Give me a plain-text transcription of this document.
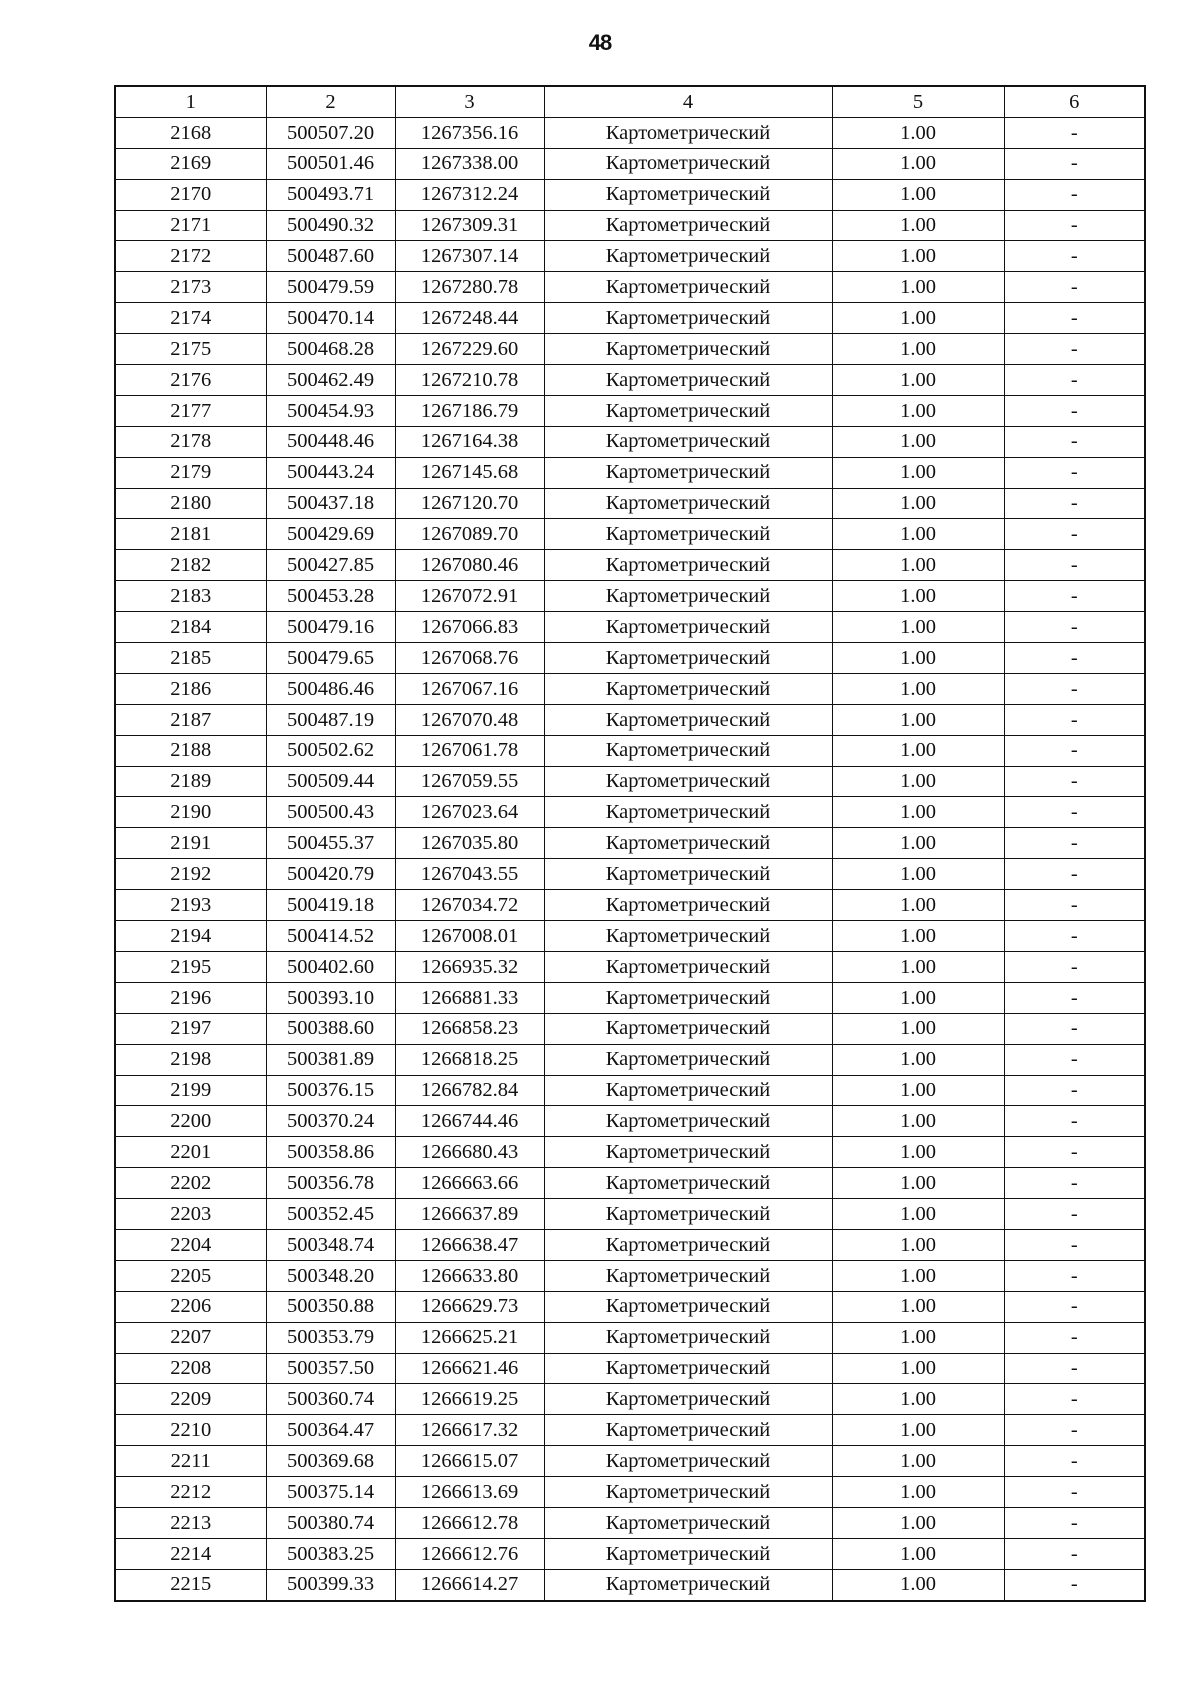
48
1	2	3	4	5	6
2168	500507.20	1267356.16	Картометрический	1.00	-
2169	500501.46	1267338.00	Картометрический	1.00	-
2170	500493.71	1267312.24	Картометрический	1.00	-
2171	500490.32	1267309.31	Картометрический	1.00	-
2172	500487.60	1267307.14	Картометрический	1.00	-
2173	500479.59	1267280.78	Картометрический	1.00	-
2174	500470.14	1267248.44	Картометрический	1.00	-
2175	500468.28	1267229.60	Картометрический	1.00	-
2176	500462.49	1267210.78	Картометрический	1.00	-
2177	500454.93	1267186.79	Картометрический	1.00	-
2178	500448.46	1267164.38	Картометрический	1.00	-
2179	500443.24	1267145.68	Картометрический	1.00	-
2180	500437.18	1267120.70	Картометрический	1.00	-
2181	500429.69	1267089.70	Картометрический	1.00	-
2182	500427.85	1267080.46	Картометрический	1.00	-
2183	500453.28	1267072.91	Картометрический	1.00	-
2184	500479.16	1267066.83	Картометрический	1.00	-
2185	500479.65	1267068.76	Картометрический	1.00	-
2186	500486.46	1267067.16	Картометрический	1.00	-
2187	500487.19	1267070.48	Картометрический	1.00	-
2188	500502.62	1267061.78	Картометрический	1.00	-
2189	500509.44	1267059.55	Картометрический	1.00	-
2190	500500.43	1267023.64	Картометрический	1.00	-
2191	500455.37	1267035.80	Картометрический	1.00	-
2192	500420.79	1267043.55	Картометрический	1.00	-
2193	500419.18	1267034.72	Картометрический	1.00	-
2194	500414.52	1267008.01	Картометрический	1.00	-
2195	500402.60	1266935.32	Картометрический	1.00	-
2196	500393.10	1266881.33	Картометрический	1.00	-
2197	500388.60	1266858.23	Картометрический	1.00	-
2198	500381.89	1266818.25	Картометрический	1.00	-
2199	500376.15	1266782.84	Картометрический	1.00	-
2200	500370.24	1266744.46	Картометрический	1.00	-
2201	500358.86	1266680.43	Картометрический	1.00	-
2202	500356.78	1266663.66	Картометрический	1.00	-
2203	500352.45	1266637.89	Картометрический	1.00	-
2204	500348.74	1266638.47	Картометрический	1.00	-
2205	500348.20	1266633.80	Картометрический	1.00	-
2206	500350.88	1266629.73	Картометрический	1.00	-
2207	500353.79	1266625.21	Картометрический	1.00	-
2208	500357.50	1266621.46	Картометрический	1.00	-
2209	500360.74	1266619.25	Картометрический	1.00	-
2210	500364.47	1266617.32	Картометрический	1.00	-
2211	500369.68	1266615.07	Картометрический	1.00	-
2212	500375.14	1266613.69	Картометрический	1.00	-
2213	500380.74	1266612.78	Картометрический	1.00	-
2214	500383.25	1266612.76	Картометрический	1.00	-
2215	500399.33	1266614.27	Картометрический	1.00	-
